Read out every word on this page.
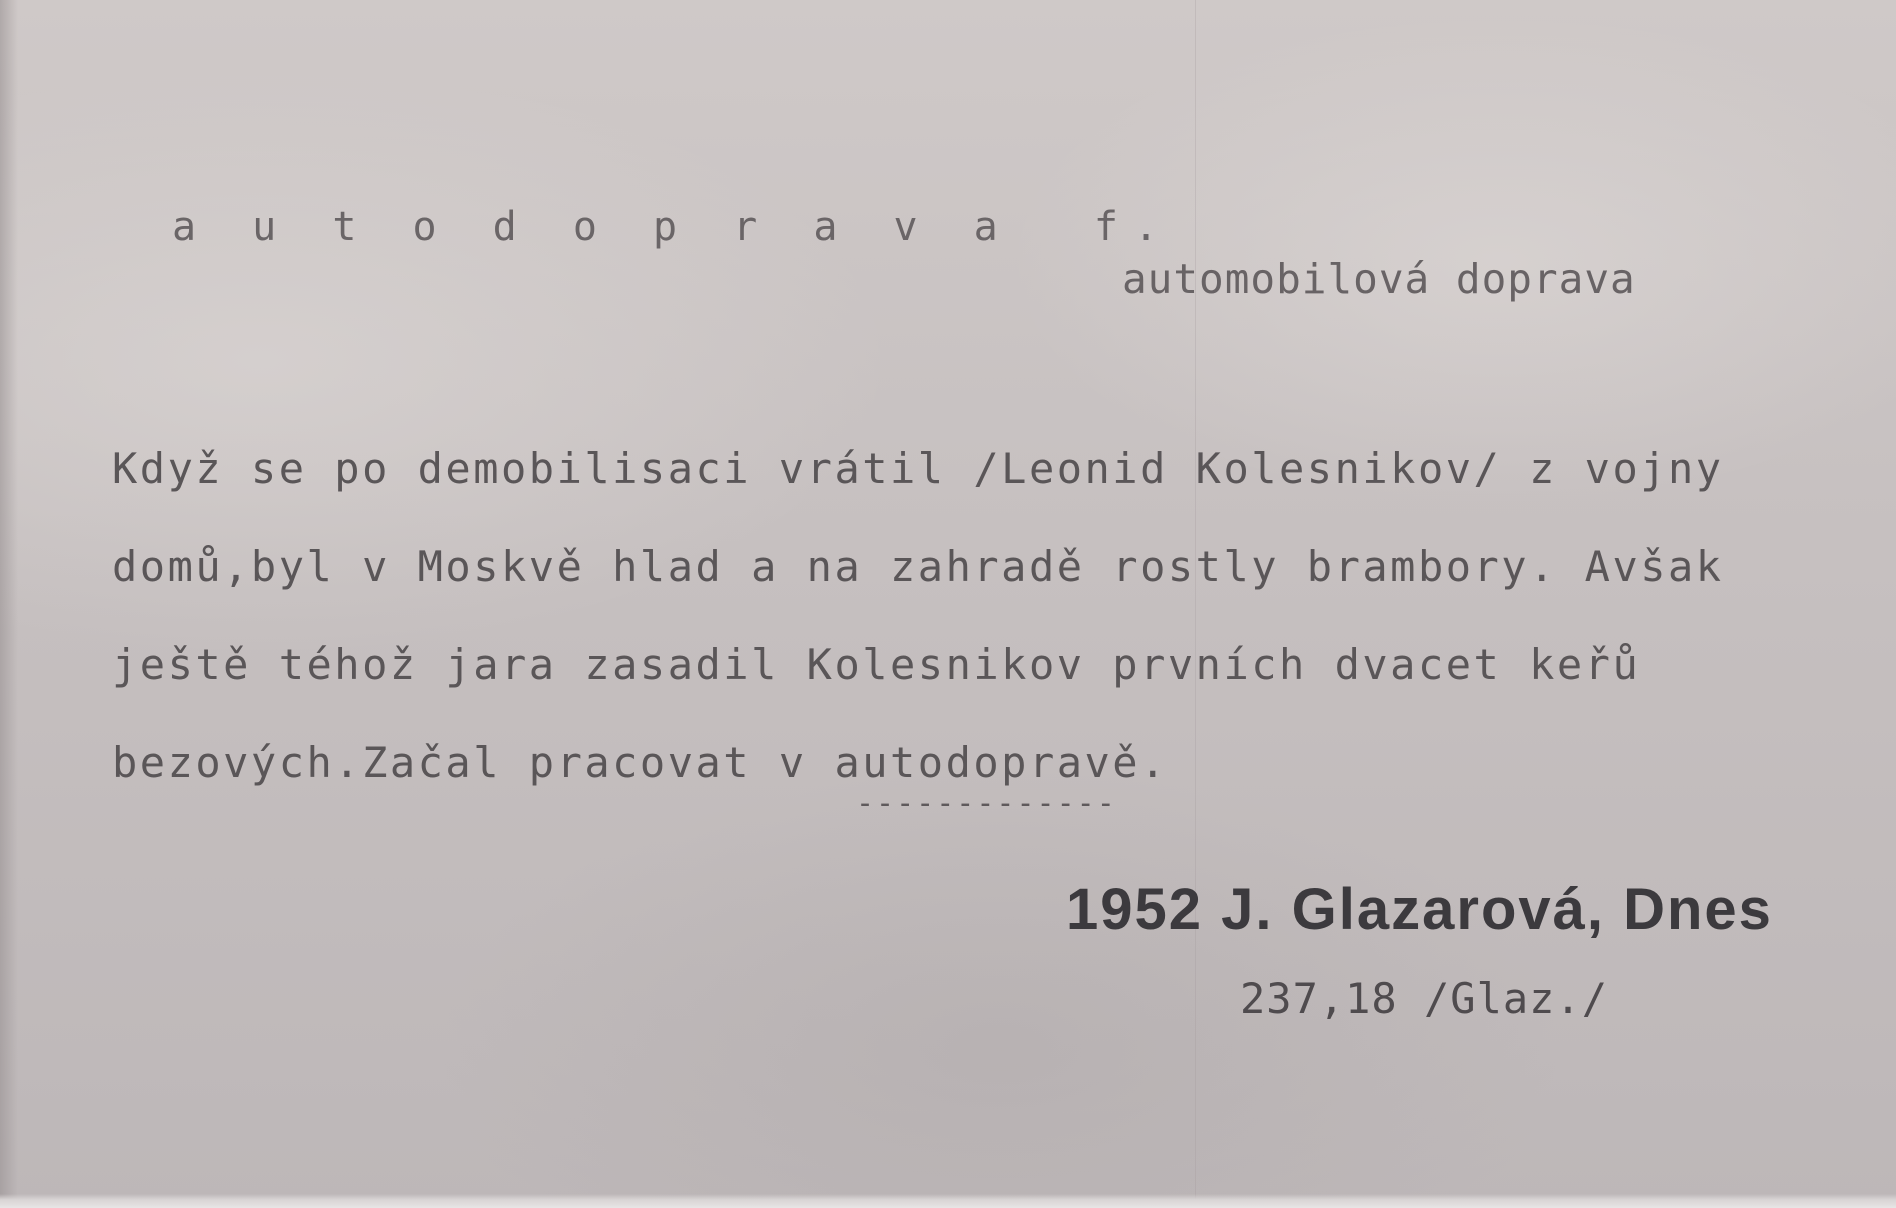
a u t o d o p r a v a  f.

automobilová doprava

Když se po demobilisaci vrátil /Leonid Kolesnikov/ z vojny

domů,byl v Moskvě hlad a na zahradě rostly brambory. Avšak

ještě téhož jara zasadil Kolesnikov prvních dvacet keřů

bezových.Začal pracovat v autodopravě.

-------------

1952 J. Glazarová, Dnes

237,18 /Glaz./
